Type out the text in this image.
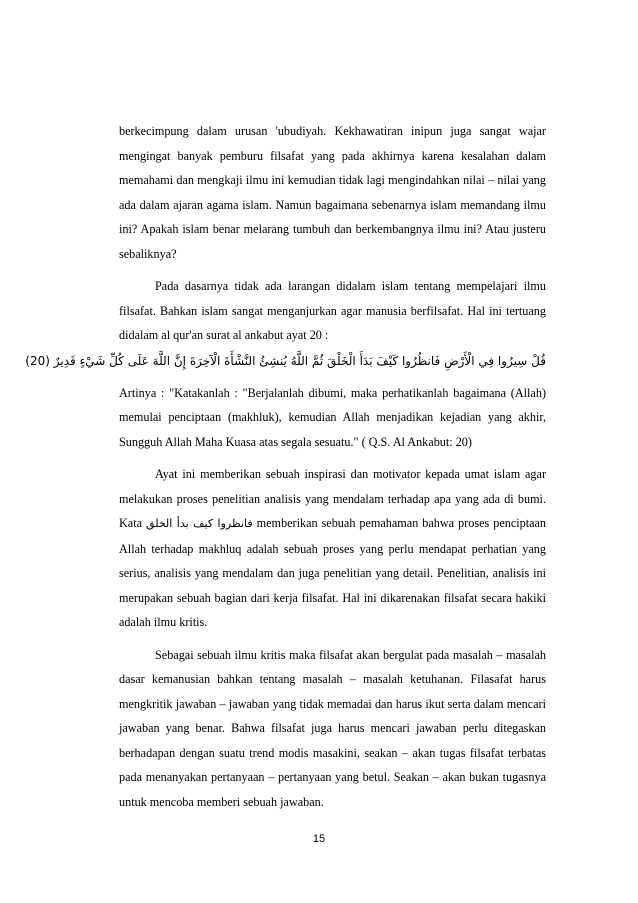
berkecimpung dalam urusan 'ubudiyah. Kekhawatiran inipun juga sangat wajar mengingat banyak pemburu filsafat yang pada akhirnya karena kesalahan dalam memahami dan mengkaji ilmu ini kemudian tidak lagi mengindahkan nilai – nilai yang ada dalam ajaran agama islam. Namun bagaimana sebenarnya islam memandang ilmu ini? Apakah islam benar melarang tumbuh dan berkembangnya ilmu ini? Atau justeru sebaliknya?

Pada dasarnya tidak ada larangan didalam islam tentang mempelajari ilmu filsafat. Bahkan islam sangat menganjurkan agar manusia berfilsafat. Hal ini tertuang didalam al qur'an surat al ankabut ayat 20 :

قُلْ سِيرُوا فِي الْأَرْضِ فَانظُرُوا كَيْفَ بَدَأَ الْخَلْقَ ثُمَّ اللَّهُ يُنشِئُ النَّشْأَةَ الْآخِرَةَ إِنَّ اللَّهَ عَلَى كُلِّ شَيْءٍ قَدِيرٌ (20)

Artinya : "Katakanlah : "Berjalanlah dibumi, maka perhatikanlah bagaimana (Allah) memulai penciptaan (makhluk), kemudian Allah menjadikan kejadian yang akhir, Sungguh Allah Maha Kuasa atas segala sesuatu." ( Q.S. Al Ankabut: 20)

Ayat ini memberikan sebuah inspirasi dan motivator kepada umat islam agar melakukan proses penelitian analisis yang mendalam terhadap apa yang ada di bumi. Kata فانظروا كيف بدأ الخلق memberikan sebuah pemahaman bahwa proses penciptaan Allah terhadap makhluq adalah sebuah proses yang perlu mendapat perhatian yang serius, analisis yang mendalam dan juga penelitian yang detail. Penelitian, analisis ini merupakan sebuah bagian dari kerja filsafat. Hal ini dikarenakan filsafat secara hakiki adalah ilmu kritis.

Sebagai sebuah ilmu kritis maka filsafat akan bergulat pada masalah – masalah dasar kemanusian bahkan tentang masalah – masalah ketuhanan. Filasafat harus mengkritik jawaban – jawaban yang tidak memadai dan harus ikut serta dalam mencari jawaban yang benar. Bahwa filsafat juga harus mencari jawaban perlu ditegaskan berhadapan dengan suatu trend modis masakini, seakan – akan tugas filsafat terbatas pada menanyakan pertanyaan – pertanyaan yang betul. Seakan – akan bukan tugasnya untuk mencoba memberi sebuah jawaban.

15
